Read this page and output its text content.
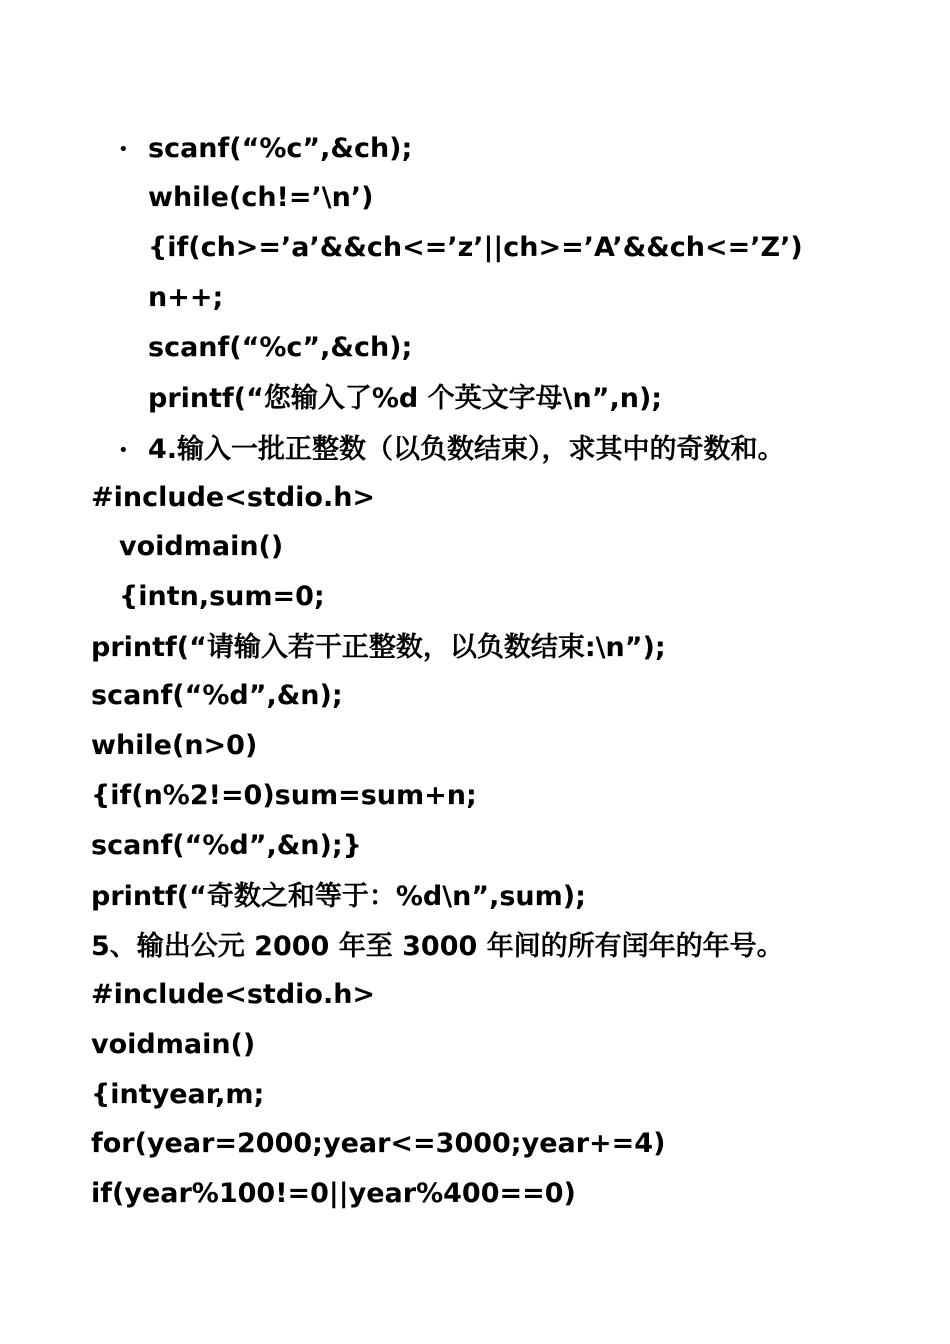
• scanf(“%c”,&ch);
while(ch!=’\n’)
{if(ch>=’a’&&ch<=’z’||ch>=’A’&&ch<=’Z’)
n++;
scanf(“%c”,&ch);
printf(“您输入了%d 个英文字母\n”,n);
• 4.输入一批正整数（以负数结束），求其中的奇数和。
#include<stdio.h>
voidmain()
{intn,sum=0;
printf(“请输入若干正整数，以负数结束:\n”);
scanf(“%d”,&n);
while(n>0)
{if(n%2!=0)sum=sum+n;
scanf(“%d”,&n);}
printf(“奇数之和等于：%d\n”,sum);
5、输出公元 2000 年至 3000 年间的所有闰年的年号。
#include<stdio.h>
voidmain()
{intyear,m;
for(year=2000;year<=3000;year+=4)
if(year%100!=0||year%400==0)
